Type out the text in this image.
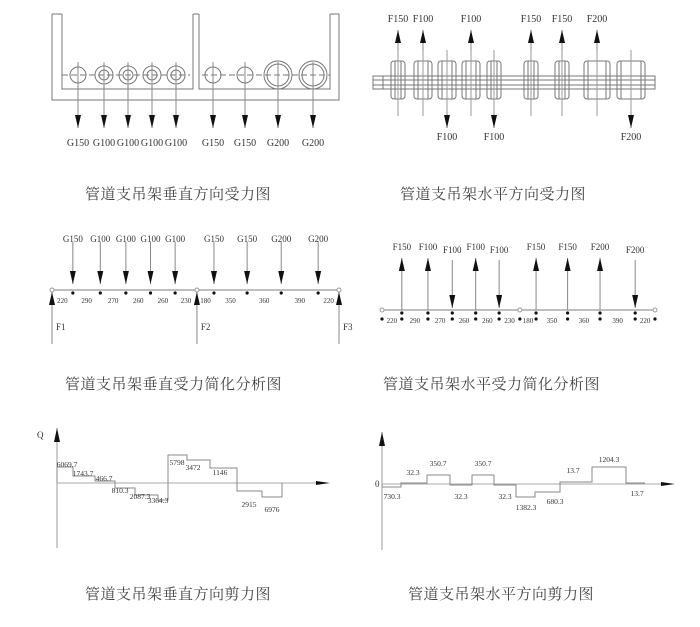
G150 G100 G100 G100 G100 G150 G150 G200 G200
管道支吊架垂直方向受力图
F150 F100
F100
F100
F100
F150 F150 F200
F200
管道支吊架水平方向受力图
220 290 270 260 260 230 180 350	360	390	220
G150 G100 G100 G100 G100 G150 G150 G200 G200
F1	F2	F3
管道支吊架垂直受力简化分析图
220 290 270 260 260 230 180 350	360	390 220
F150 F100 F100 F100 F100 F150 F150 F200 F200
管道支吊架水平受力简化分析图
Q
6069.7
1743.7
466.7
810.3
2087.3
3364.3
5798
3472
1146
2915
6976
0
730.3
32.3
350.7
32.3
350.7
32.3
1382.3
680.3
13.7
1204.3
13.7
管道支吊架垂直方向剪力图	管道支吊架水平方向剪力图
